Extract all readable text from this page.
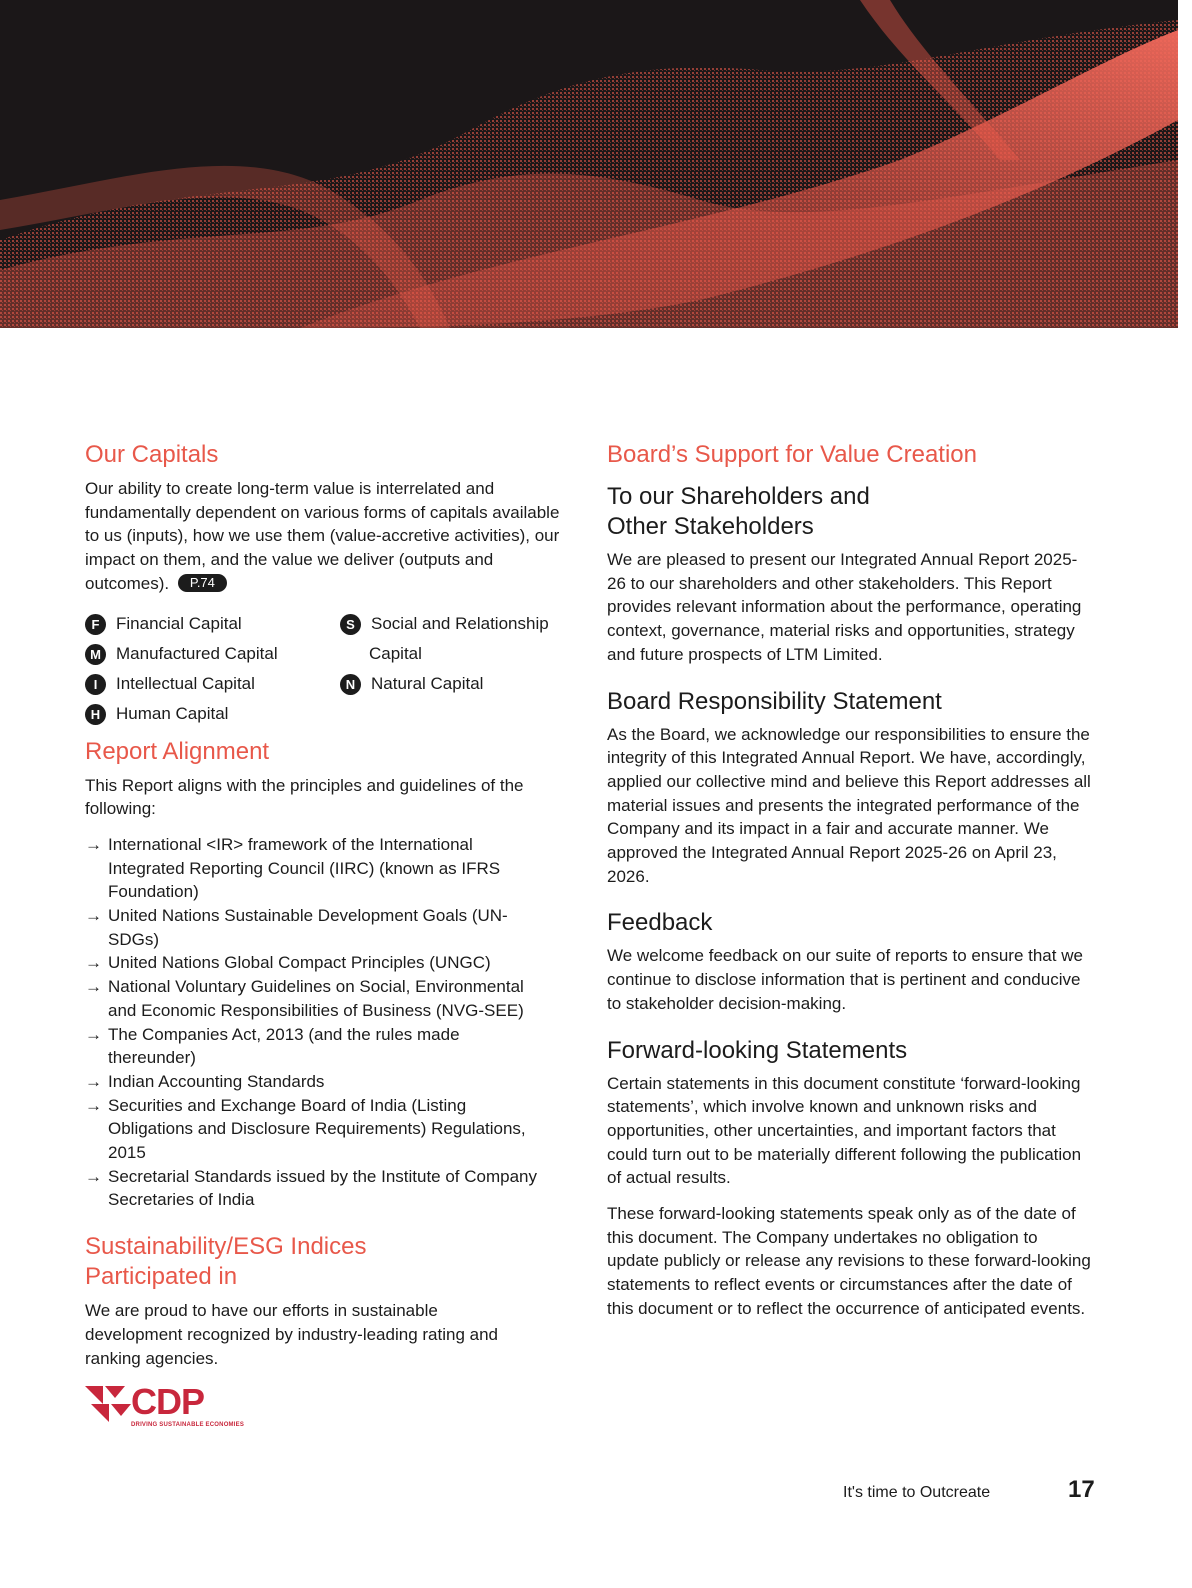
Our Capitals

Our ability to create long-term value is interrelated and fundamentally dependent on various forms of capitals available to us (inputs), how we use them (value-accretive activities), our impact on them, and the value we deliver (outputs and outcomes). P.74

F Financial Capital
M Manufactured Capital
I	Intellectual Capital
H Human Capital
S Social and Relationship
Capital
N Natural Capital
Report Alignment

This Report aligns with the principles and guidelines of the following:

→ International <IR> framework of the International Integrated Reporting Council (IIRC) (known as IFRS Foundation)
→ United Nations Sustainable Development Goals (UN-SDGs)
→ United Nations Global Compact Principles (UNGC)
→ National Voluntary Guidelines on Social, Environmental and Economic Responsibilities of Business (NVG-SEE)
→ The Companies Act, 2013 (and the rules made thereunder)
→ Indian Accounting Standards
→ Securities and Exchange Board of India (Listing Obligations and Disclosure Requirements) Regulations, 2015
→ Secretarial Standards issued by the Institute of Company Secretaries of India
Sustainability/ESG Indices
Participated in

We are proud to have our efforts in sustainable development recognized by industry-leading rating and ranking agencies.

CDP
DRIVING SUSTAINABLE ECONOMIES
Board’s Support for Value Creation
To our Shareholders and
Other Stakeholders

We are pleased to present our Integrated Annual Report 2025-26 to our shareholders and other stakeholders. This Report provides relevant information about the performance, operating context, governance, material risks and opportunities, strategy and future prospects of LTM Limited.

Board Responsibility Statement

As the Board, we acknowledge our responsibilities to ensure the integrity of this Integrated Annual Report. We have, accordingly, applied our collective mind and believe this Report addresses all material issues and presents the integrated performance of the Company and its impact in a fair and accurate manner. We approved the Integrated Annual Report 2025-26 on April 23, 2026.

Feedback

We welcome feedback on our suite of reports to ensure that we continue to disclose information that is pertinent and conducive to stakeholder decision-making.

Forward-looking Statements

Certain statements in this document constitute ‘forward-looking statements’, which involve known and unknown risks and opportunities, other uncertainties, and important factors that could turn out to be materially different following the publication of actual results.

These forward-looking statements speak only as of the date of this document. The Company undertakes no obligation to update publicly or release any revisions to these forward-looking statements to reflect events or circumstances after the date of this document or to reflect the occurrence of anticipated events.

It's time to Outcreate	17
